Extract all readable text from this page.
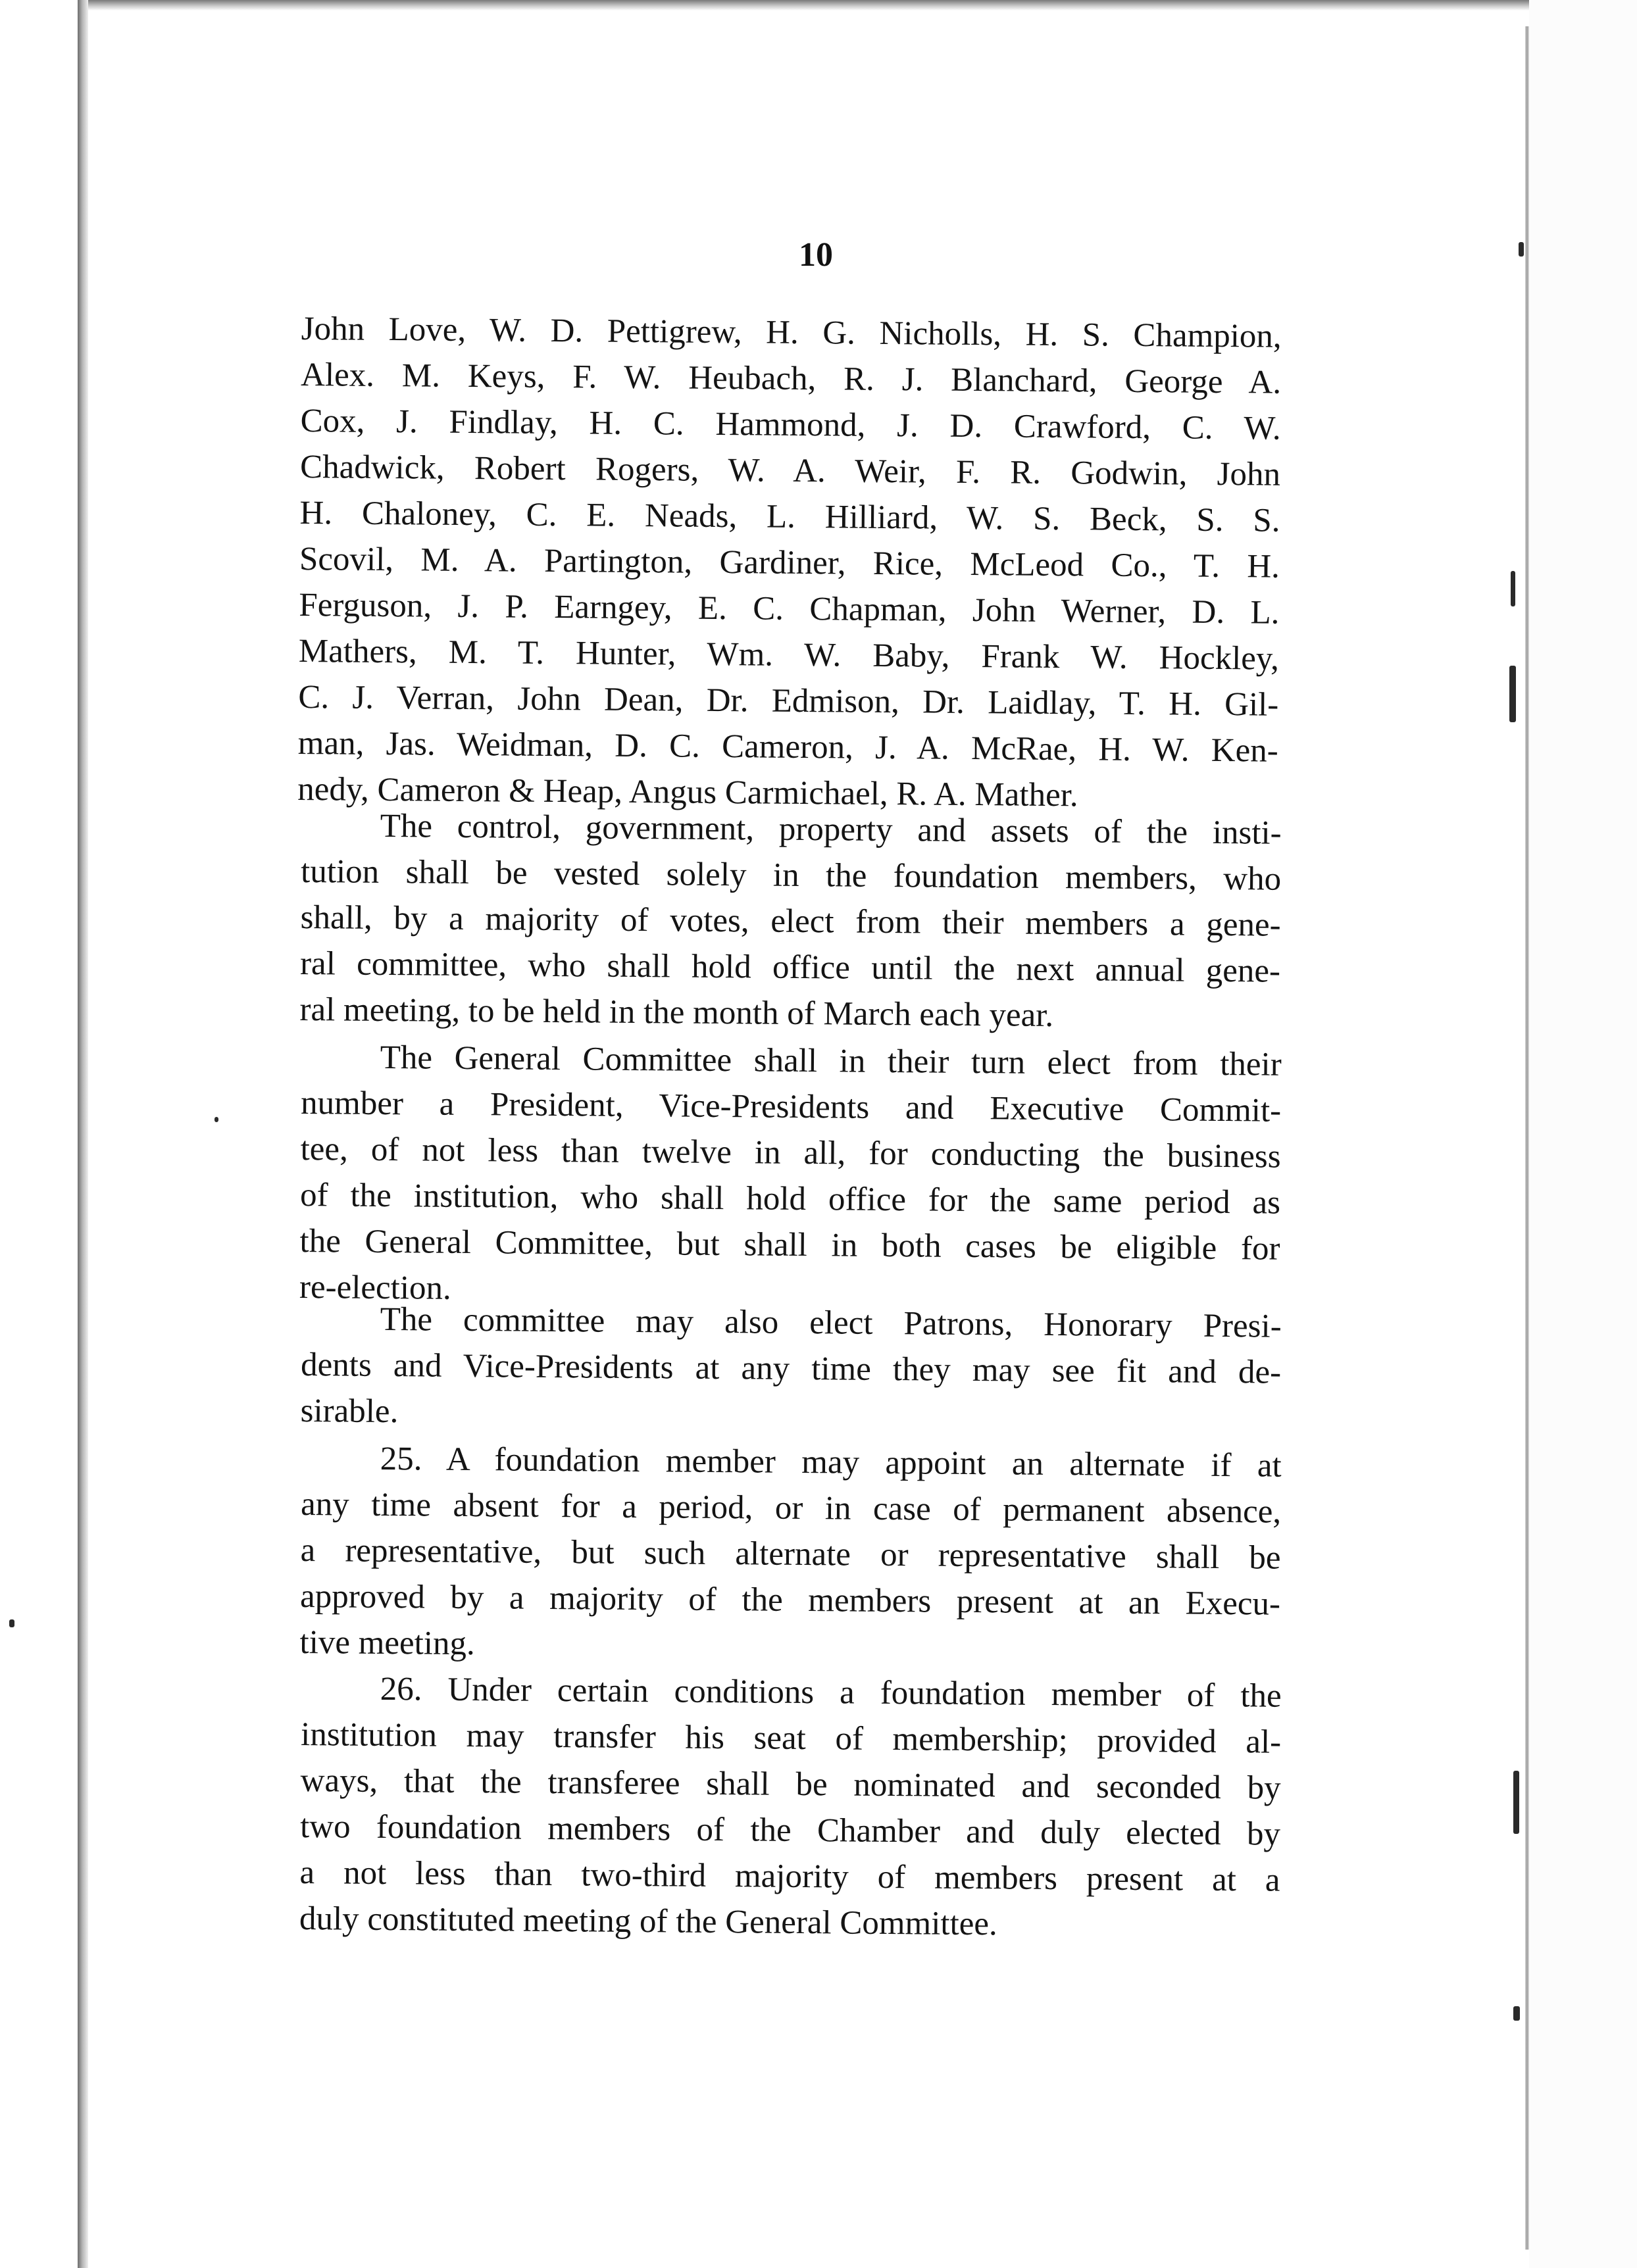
10
John Love, W. D. Pettigrew, H. G. Nicholls, H. S. Champion,
Alex. M. Keys, F. W. Heubach, R. J. Blanchard, George A.
Cox, J. Findlay, H. C. Hammond, J. D. Crawford, C. W.
Chadwick, Robert Rogers, W. A. Weir, F. R. Godwin, John
H. Chaloney, C. E. Neads, L. Hilliard, W. S. Beck, S. S.
Scovil, M. A. Partington, Gardiner, Rice, McLeod Co., T. H.
Ferguson, J. P. Earngey, E. C. Chapman, John Werner, D. L.
Mathers, M. T. Hunter, Wm. W. Baby, Frank W. Hockley,
C. J. Verran, John Dean, Dr. Edmison, Dr. Laidlay, T. H. Gil-
man, Jas. Weidman, D. C. Cameron, J. A. McRae, H. W. Ken-
nedy, Cameron & Heap, Angus Carmichael, R. A. Mather.
The control, government, property and assets of the insti-
tution shall be vested solely in the foundation members, who
shall, by a majority of votes, elect from their members a gene-
ral committee, who shall hold office until the next annual gene-
ral meeting, to be held in the month of March each year.
The General Committee shall in their turn elect from their
number a President, Vice-Presidents and Executive Commit-
tee, of not less than twelve in all, for conducting the business
of the institution, who shall hold office for the same period as
the General Committee, but shall in both cases be eligible for
re-election.
The committee may also elect Patrons, Honorary Presi-
dents and Vice-Presidents at any time they may see fit and de-
sirable.
25. A foundation member may appoint an alternate if at
any time absent for a period, or in case of permanent absence,
a representative, but such alternate or representative shall be
approved by a majority of the members present at an Execu-
tive meeting.
26. Under certain conditions a foundation member of the
institution may transfer his seat of membership; provided al-
ways, that the transferee shall be nominated and seconded by
two foundation members of the Chamber and duly elected by
a not less than two-third majority of members present at a
duly constituted meeting of the General Committee.
